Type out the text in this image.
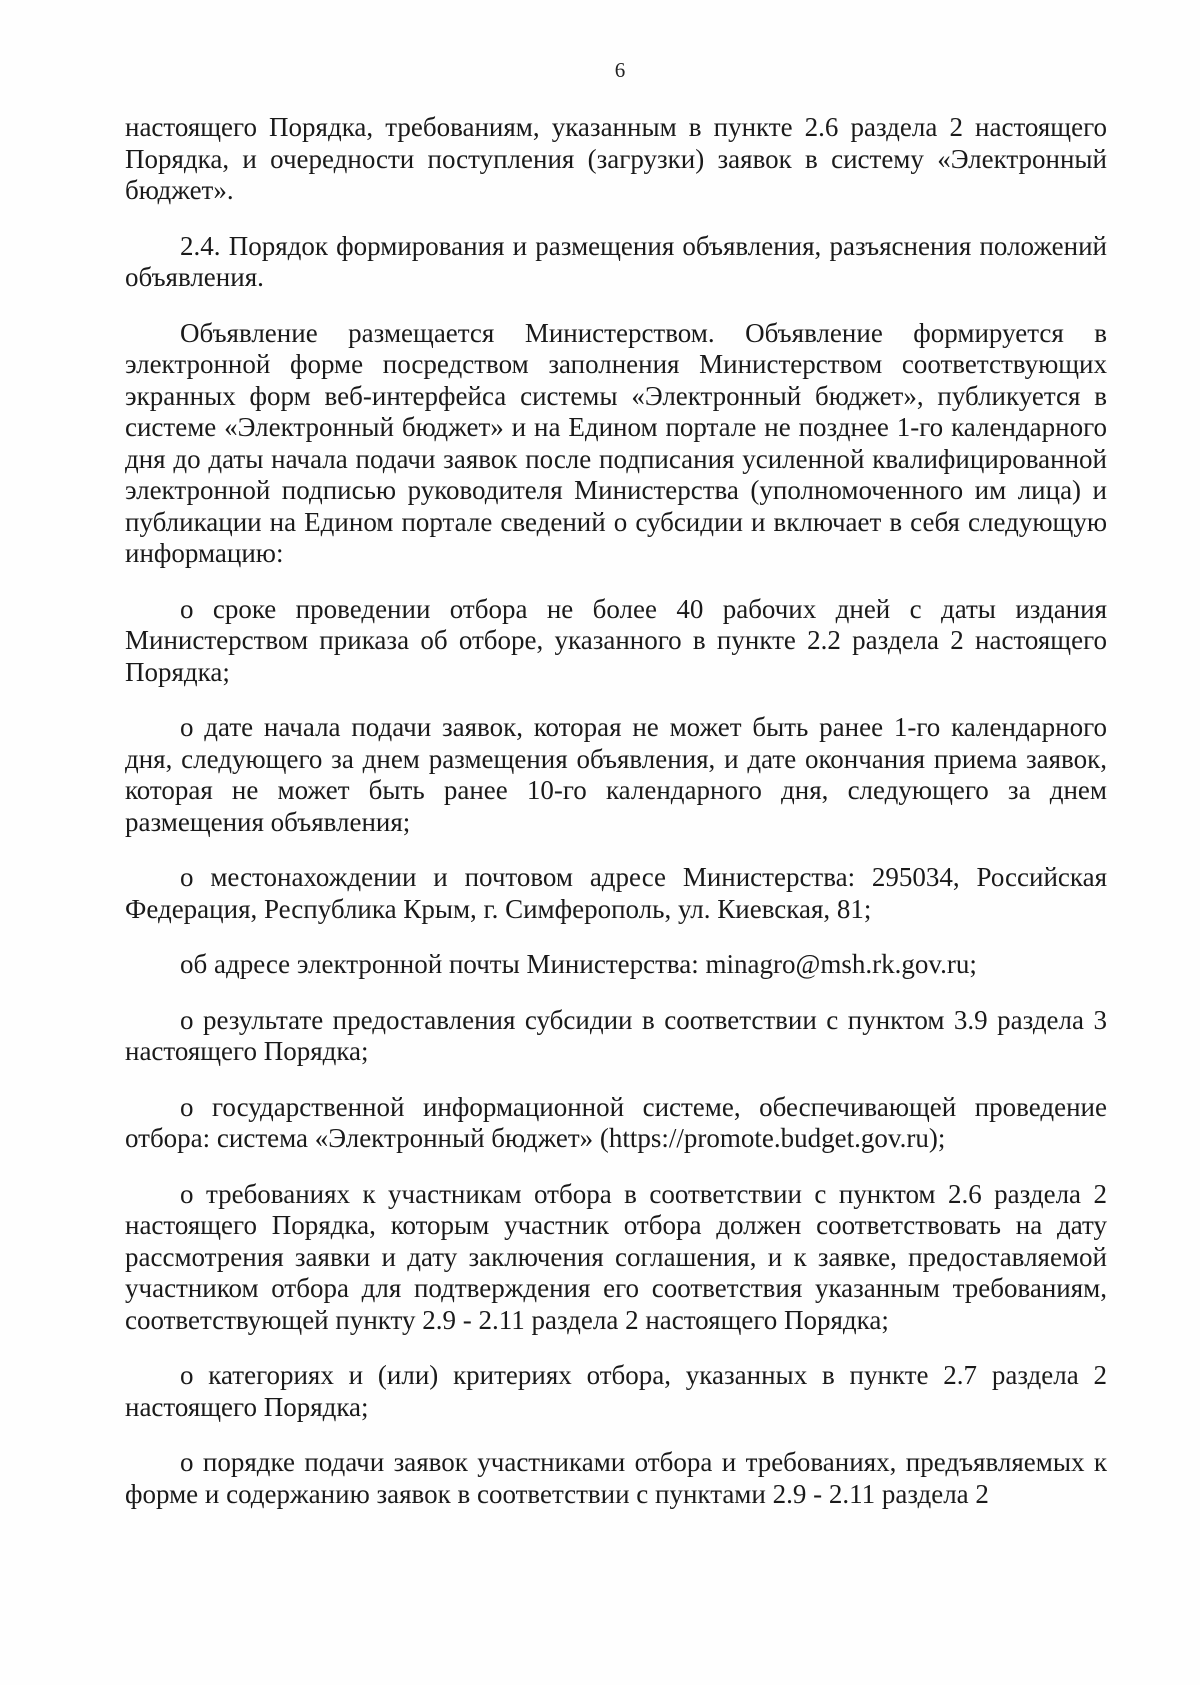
6

настоящего Порядка, требованиям, указанным в пункте 2.6 раздела 2 настоящего Порядка, и очередности поступления (загрузки) заявок в систему «Электронный бюджет».

2.4. Порядок формирования и размещения объявления, разъяснения положений объявления.

Объявление размещается Министерством. Объявление формируется в электронной форме посредством заполнения Министерством соответствующих экранных форм веб-интерфейса системы «Электронный бюджет», публикуется в системе «Электронный бюджет» и на Едином портале не позднее 1-го календарного дня до даты начала подачи заявок после подписания усиленной квалифицированной электронной подписью руководителя Министерства (уполномоченного им лица) и публикации на Едином портале сведений о субсидии и включает в себя следующую информацию:

о сроке проведении отбора не более 40 рабочих дней с даты издания Министерством приказа об отборе, указанного в пункте 2.2 раздела 2 настоящего Порядка;

о дате начала подачи заявок, которая не может быть ранее 1-го календарного дня, следующего за днем размещения объявления, и дате окончания приема заявок, которая не может быть ранее 10-го календарного дня, следующего за днем размещения объявления;

о местонахождении и почтовом адресе Министерства: 295034, Российская Федерация, Республика Крым, г. Симферополь, ул. Киевская, 81;

об адресе электронной почты Министерства: minagro@msh.rk.gov.ru;

о результате предоставления субсидии в соответствии с пунктом 3.9 раздела 3 настоящего Порядка;

о государственной информационной системе, обеспечивающей проведение отбора: система «Электронный бюджет» (https://promote.budget.gov.ru);

о требованиях к участникам отбора в соответствии с пунктом 2.6 раздела 2 настоящего Порядка, которым участник отбора должен соответствовать на дату рассмотрения заявки и дату заключения соглашения, и к заявке, предоставляемой участником отбора для подтверждения его соответствия указанным требованиям, соответствующей пункту 2.9 - 2.11 раздела 2 настоящего Порядка;

о категориях и (или) критериях отбора, указанных в пункте 2.7 раздела 2 настоящего Порядка;

о порядке подачи заявок участниками отбора и требованиях, предъявляемых к форме и содержанию заявок в соответствии с пунктами 2.9 - 2.11 раздела 2
